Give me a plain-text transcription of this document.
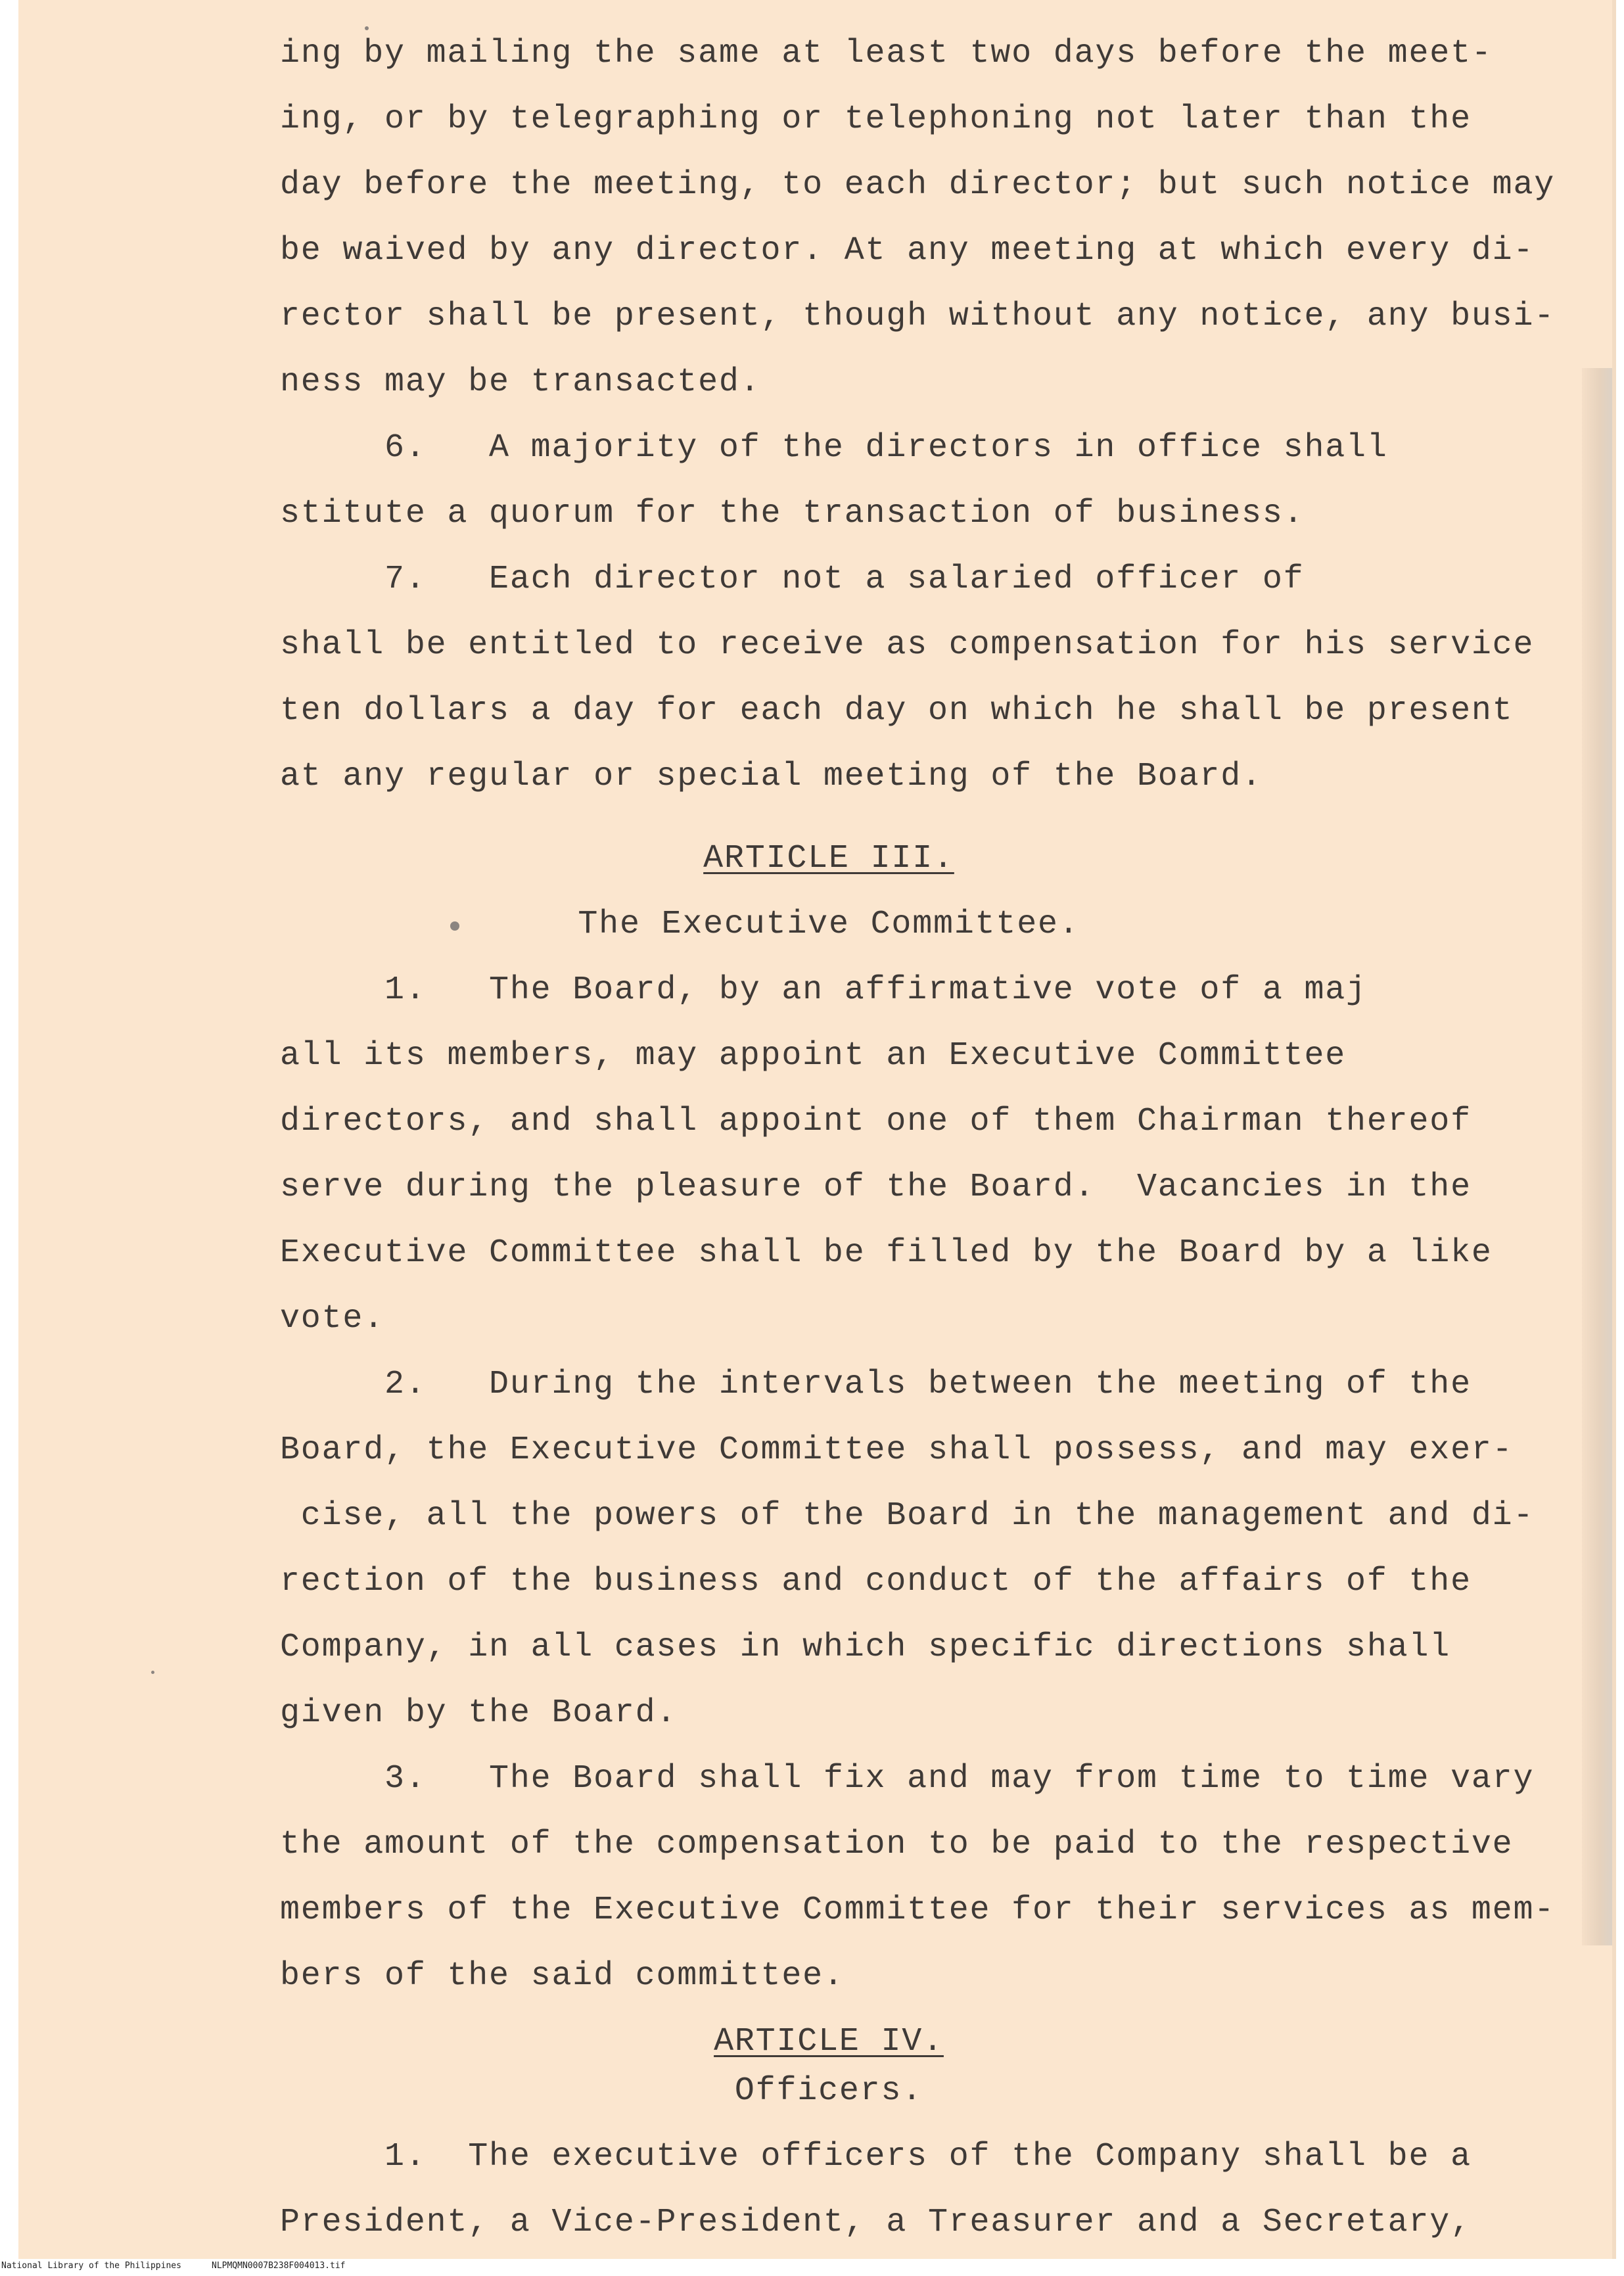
ing by mailing the same at least two days before the meet-

ing, or by telegraphing or telephoning not later than the

day before the meeting, to each director; but such notice may

be waived by any director. At any meeting at which every di-

rector shall be present, though without any notice, any busi-

ness may be transacted.

6.   A majority of the directors in office shall

stitute a quorum for the transaction of business.

7.   Each director not a salaried officer of

shall be entitled to receive as compensation for his service

ten dollars a day for each day on which he shall be present

at any regular or special meeting of the Board.

ARTICLE III.

The Executive Committee.

1.   The Board, by an affirmative vote of a maj

all its members, may appoint an Executive Committee

directors, and shall appoint one of them Chairman thereof

serve during the pleasure of the Board.  Vacancies in the

Executive Committee shall be filled by the Board by a like

vote.

2.   During the intervals between the meeting of the

Board, the Executive Committee shall possess, and may exer-

cise, all the powers of the Board in the management and di-

rection of the business and conduct of the affairs of the

Company, in all cases in which specific directions shall

given by the Board.

3.   The Board shall fix and may from time to time vary

the amount of the compensation to be paid to the respective

members of the Executive Committee for their services as mem-

bers of the said committee.

ARTICLE IV.

Officers.

1.  The executive officers of the Company shall be a

President, a Vice-President, a Treasurer and a Secretary,

National Library of the Philippines	NLPMQMN0007B238F004013.tif
